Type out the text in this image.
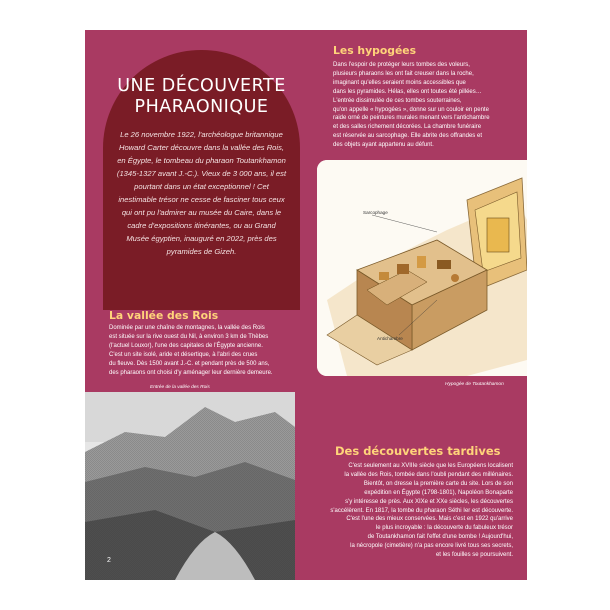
UNE DÉCOUVERTE
PHARAONIQUE
Le 26 novembre 1922, l'archéologue britannique Howard Carter découvre dans la vallée des Rois, en Égypte, le tombeau du pharaon Toutankhamon (1345-1327 avant J.-C.). Vieux de 3 000 ans, il est pourtant dans un état exceptionnel ! Cet inestimable trésor ne cesse de fasciner tous ceux qui ont pu l'admirer au musée du Caire, dans le cadre d'expositions itinérantes, ou au Grand Musée égyptien, inauguré en 2022, près des pyramides de Gizeh.
Les hypogées
Dans l'espoir de protéger leurs tombes des voleurs,
plusieurs pharaons les ont fait creuser dans la roche,
imaginant qu'elles seraient moins accessibles que
dans les pyramides. Hélas, elles ont toutes été pillées…
L'entrée dissimulée de ces tombes souterraines,
qu'on appelle « hypogées », donne sur un couloir en pente
raide orné de peintures murales menant vers l'antichambre
et des salles richement décorées. La chambre funéraire
est réservée au sarcophage. Elle abrite des offrandes et
des objets ayant appartenu au défunt.
Sarcophage
Antichambre
Hypogée de Toutankhamon
La vallée des Rois
Dominée par une chaîne de montagnes, la vallée des Rois
est située sur la rive ouest du Nil, à environ 3 km de Thèbes
(l'actuel Louxor), l'une des capitales de l'Égypte ancienne.
C'est un site isolé, aride et désertique, à l'abri des crues
du fleuve. Dès 1500 avant J.-C. et pendant près de 500 ans,
des pharaons ont choisi d'y aménager leur dernière demeure.
Entrée de la vallée des Rois
Des découvertes tardives
C'est seulement au XVIIIe siècle que les Européens localisent
la vallée des Rois, tombée dans l'oubli pendant des millénaires.
Bientôt, on dresse la première carte du site. Lors de son
expédition en Égypte (1798-1801), Napoléon Bonaparte
s'y intéresse de près. Aux XIXe et XXe siècles, les découvertes
s'accélèrent. En 1817, la tombe du pharaon Séthi Ier est découverte.
C'est l'une des mieux conservées. Mais c'est en 1922 qu'arrive
le plus incroyable : la découverte du fabuleux trésor
de Toutankhamon fait l'effet d'une bombe ! Aujourd'hui,
la nécropole (cimetière) n'a pas encore livré tous ses secrets,
et les fouilles se poursuivent.
2
